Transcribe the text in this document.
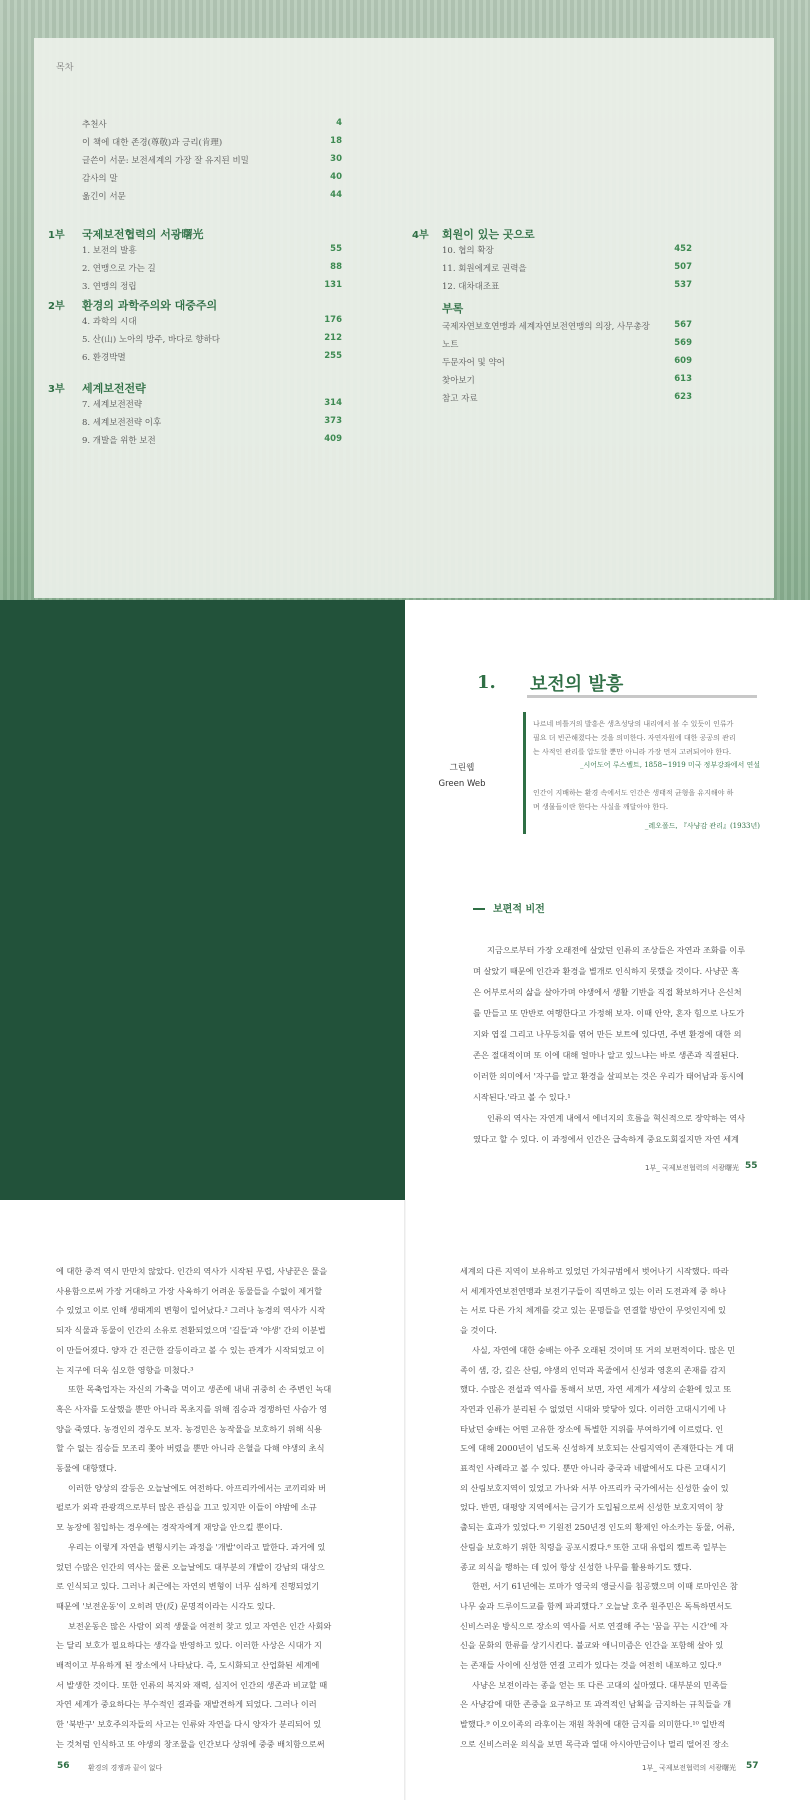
목차
추천사	4
이 책에 대한 존경(尊敬)과 긍리(肯理)	18
글쓴이 서문: 보전세계의 가장 잘 유지된 비밀	30
감사의 말	40
옮긴이 서문	44
1부 국제보전협력의 서광曙光
1. 보전의 발흥	55
2. 연맹으로 가는 길	88
3. 연맹의 정립	131
2부 환경의 과학주의와 대중주의
4. 과학의 시대	176
5. 산(山) 노아의 방주, 바다로 향하다	212
6. 환경박멸	255
3부 세계보전전략
7. 세계보전전략	314
8. 세계보전전략 이후	373
9. 개발을 위한 보전	409
4부 회원이 있는 곳으로
10. 협의 확장	452
11. 회원에게로 권력을	507
12. 대차대조표	537
부록
국제자연보호연맹과 세계자연보전연맹의 의장, 사무총장	567
노트	569
두문자어 및 약어	609
찾아보기	613
참고 자료	623
1. 보전의 발흥
그린웹
Green Web
나르네 비틀거의 발흥은 생츠성당의 내리에서 볼 수 있듯이 인류가
필요 더 빈곤해졌다는 것을 의미한다. 자연자원에 대한 공공의 관리
는 사적인 관리를 압도할 뿐만 아니라 가장 먼저 고려되어야 한다.
_시어도어 루스벨트, 1858~1919 미국 정부강좌에서 연설
인간이 지배하는 환경 속에서도 인간은 생태적 균형을 유지해야 하
며 생물들이란 한다는 사실을 깨달아야 한다.
_레오폴드, 『사냥감 관리』(1933년)
보편적 비전
지금으로부터 가장 오래전에 살았던 인류의 조상들은 자연과 조화를 이루
며 살았기 때문에 인간과 환경을 별개로 인식하지 못했을 것이다. 사냥꾼 혹
은 어부로서의 삶을 살아가며 야생에서 생활 기반을 직접 확보하거나 은신처
를 만들고 또 만반로 여행한다고 가정해 보자. 이때 안약, 혼자 힘으로 나도가
지와 엽질 그리고 나무등치를 엮어 만든 보트에 있다면, 주변 환경에 대한 의
존은 절대적이며 또 이에 대해 얼마나 알고 있느냐는 바로 생존과 직결된다.
이러한 의미에서 '자구를 알고 환경을 살피보는 것은 우리가 태어남과 동시에
시작된다.'라고 볼 수 있다.¹
인류의 역사는 자연계 내에서 에너지의 흐름을 혁신적으로 장악하는 역사
였다고 할 수 있다. 이 과정에서 인간은 급속하게 중요도회질지만 자연 세계
1부_ 국제보전협력의 서광曙光 55
에 대한 중격 역시 만만치 않았다. 인간의 역사가 시작된 무렵, 사냥꾼은 물을
사용함으로써 가장 거대하고 가장 사육하기 어려운 동물들을 수없이 제거할
수 있었고 이로 인해 생태계의 변형이 일어났다.² 그러나 농경의 역사가 시작
되자 식물과 동물이 인간의 소유로 전환되었으며 '길들'과 '야생' 간의 이분법
이 만들어졌다. 양자 간 진근한 갈등이라고 볼 수 있는 관계가 시작되었고 이
는 지구에 더욱 심오한 영향을 미쳤다.³
또한 목축업자는 자신의 가축을 먹이고 생존에 내내 귀중히 손 주변인 녹대
혹은 사자를 도살했을 뿐만 아니라 목초지를 위해 짐승과 경쟁하던 사슴가 영
양을 죽였다. 농경인의 경우도 보자. 농경민은 농작물을 보호하기 위해 식용
할 수 없는 짐승들 모조리 쫓아 버렸을 뿐만 아니라 은혈을 다해 야생의 초식
동물에 대항했다.
이러한 양상의 갈등은 오늘날에도 여전하다. 아프리카에서는 코끼리와 버
펄로가 외곽 관광객으로부터 많은 관심을 끄고 있지만 이들이 야밤에 소규
모 농장에 침입하는 경우에는 경작자에게 재앙을 안으킬 뿐이다.
우리는 이렇게 자연을 변형시키는 과정을 '개발'이라고 말한다. 과거에 있
었던 수많은 인간의 역사는 물론 오늘날에도 대부분의 개발이 강남의 대상으
로 인식되고 있다. 그러나 최근에는 자연의 변형이 너무 심하게 진행되었기
때문에 '보전운동'이 오히려 만(反) 문명적이라는 시각도 있다.
보전운동은 많은 사람이 외적 생물을 여전히 찾고 있고 자연은 인간 사회와
는 달리 보호가 필요하다는 생각을 반영하고 있다. 이러한 사상은 시대가 지
배적이고 부유하게 된 장소에서 나타났다. 즉, 도시화되고 산업화된 세계에
서 발생한 것이다. 또한 인류의 복지와 재력, 심지어 인간의 생존과 비교할 때
자연 세계가 중요하다는 부수적인 결과를 재발견하게 되었다. 그러나 이러
한 '북반구' 보호주의자들의 사고는 인류와 자연을 다시 양자가 분리되어 있
는 것처럼 인식하고 또 야생의 창조물을 인간보다 상위에 중중 배치함으로써
세계의 다른 지역이 보유하고 있었던 가치규범에서 벗어나기 시작했다. 따라
서 세계자연보전연맹과 보전기구들이 직면하고 있는 이러 도전과제 중 하나
는 서로 다른 가치 체계를 갖고 있는 문명들을 연결할 방안이 무엇인지에 있
을 것이다.
사실, 자연에 대한 숭배는 아주 오래된 것이며 또 거의 보편적이다. 많은 민
족이 샘, 강, 깊은 산림, 야생의 인덕과 목줄에서 신성과 영혼의 존재를 감지
했다. 수많은 전설과 역사를 통해서 보면, 자연 세계가 세상의 순환에 있고 또
자연과 인류가 분리된 수 없었던 시대와 맞닿아 있다. 이러한 고대시기에 나
타났던 숭배는 어떤 고유한 장소에 특별한 지위를 부여하기에 이르렀다. 인
도에 대해 2000년이 넘도록 신성하게 보호되는 산림지역이 존재한다는 게 대
표적인 사례라고 볼 수 있다. 뿐만 아니라 중국과 네팔에서도 다른 고대시기
의 산림보호지역이 있었고 가나와 서부 아프리카 국가에서는 신성한 숲이 있
었다. 반면, 대평양 지역에서는 금기가 도입됨으로써 신성한 보호지역이 창
출되는 효과가 있었다.⁴⁵ 기원전 250년경 인도의 황제인 아소카는 동물, 어류,
산림을 보호하기 위한 칙령을 공포시켰다.⁶ 또한 고대 유럽의 켈트족 일부는
종교 의식을 행하는 데 있어 항상 신성한 나무를 활용하기도 했다.
한편, 서기 61년에는 로마가 영국의 앵글시를 침공했으며 이때 로마인은 참
나무 숲과 드루이드교를 함께 파괴했다.⁷ 오늘날 호주 원주민은 독특하면서도
신비스러운 방식으로 장소의 역사를 서로 연결해 주는 '꿈을 꾸는 시간'에 자
신을 문화의 한류를 상기시킨다. 불교와 애니미즘은 인간을 포함해 살아 있
는 존재들 사이에 신성한 연결 고리가 있다는 것을 여전히 내포하고 있다.⁸
사냥은 보전이라는 종을 얻는 또 다른 고대의 실마였다. 대부분의 민족들
은 사냥감에 대한 존중을 요구하고 또 과격적인 남획을 금지하는 규칙들을 개
발했다.⁹ 이오이족의 라후이는 재원 착취에 대한 금지를 의미한다.¹⁰ 일반적
으로 신비스러운 의식을 보면 목극과 열대 아시아만금이나 멀리 떨어진 장소
56	환경의 경쟁과 끝이 없다	1부_ 국제보전협력의 서광曙光 57
